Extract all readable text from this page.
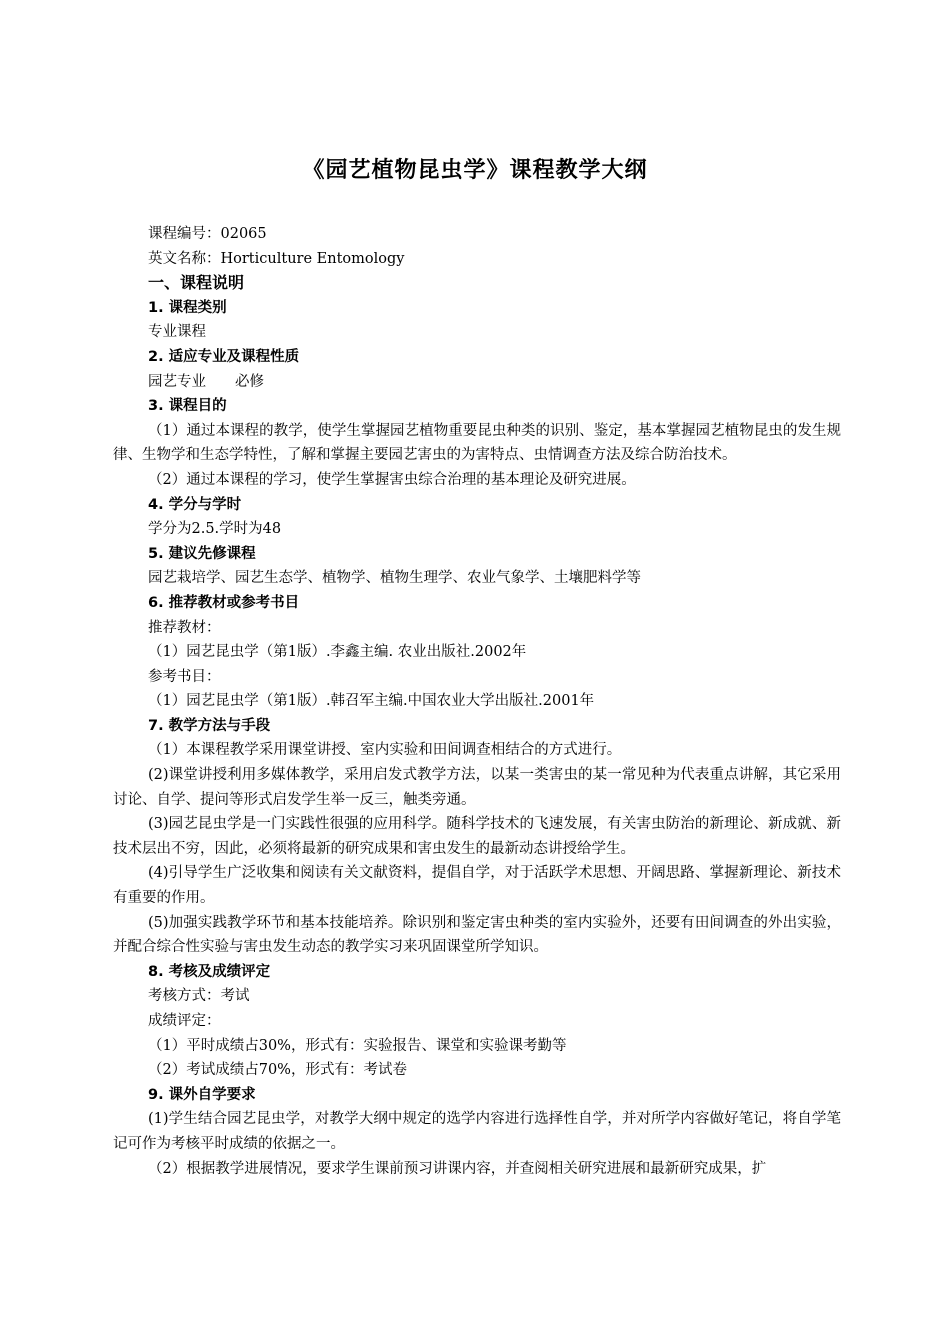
《园艺植物昆虫学》课程教学大纲

课程编号：02065

英文名称：Horticulture Entomology

一、课程说明

1. 课程类别

专业课程

2. 适应专业及课程性质

园艺专业　　必修

3. 课程目的

（1）通过本课程的教学，使学生掌握园艺植物重要昆虫种类的识别、鉴定，基本掌握园艺植物昆虫的发生规律、生物学和生态学特性，了解和掌握主要园艺害虫的为害特点、虫情调查方法及综合防治技术。

（2）通过本课程的学习，使学生掌握害虫综合治理的基本理论及研究进展。

4. 学分与学时

学分为2.5.学时为48

5. 建议先修课程

园艺栽培学、园艺生态学、植物学、植物生理学、农业气象学、土壤肥料学等

6. 推荐教材或参考书目

推荐教材：

（1）园艺昆虫学（第1版）.李鑫主编. 农业出版社.2002年

参考书目：

（1）园艺昆虫学（第1版）.韩召军主编.中国农业大学出版社.2001年

7. 教学方法与手段

（1）本课程教学采用课堂讲授、室内实验和田间调查相结合的方式进行。

(2)课堂讲授利用多媒体教学，采用启发式教学方法，以某一类害虫的某一常见种为代表重点讲解，其它采用讨论、自学、提问等形式启发学生举一反三，触类旁通。

(3)园艺昆虫学是一门实践性很强的应用科学。随科学技术的飞速发展，有关害虫防治的新理论、新成就、新技术层出不穷，因此，必须将最新的研究成果和害虫发生的最新动态讲授给学生。

(4)引导学生广泛收集和阅读有关文献资料，提倡自学，对于活跃学术思想、开阔思路、掌握新理论、新技术有重要的作用。

(5)加强实践教学环节和基本技能培养。除识别和鉴定害虫种类的室内实验外，还要有田间调查的外出实验，并配合综合性实验与害虫发生动态的教学实习来巩固课堂所学知识。

8. 考核及成绩评定

考核方式：考试

成绩评定：

（1）平时成绩占30%，形式有：实验报告、课堂和实验课考勤等

（2）考试成绩占70%，形式有：考试卷

9. 课外自学要求

(1)学生结合园艺昆虫学，对教学大纲中规定的选学内容进行选择性自学，并对所学内容做好笔记，将自学笔记可作为考核平时成绩的依据之一。

（2）根据教学进展情况，要求学生课前预习讲课内容，并查阅相关研究进展和最新研究成果，扩
